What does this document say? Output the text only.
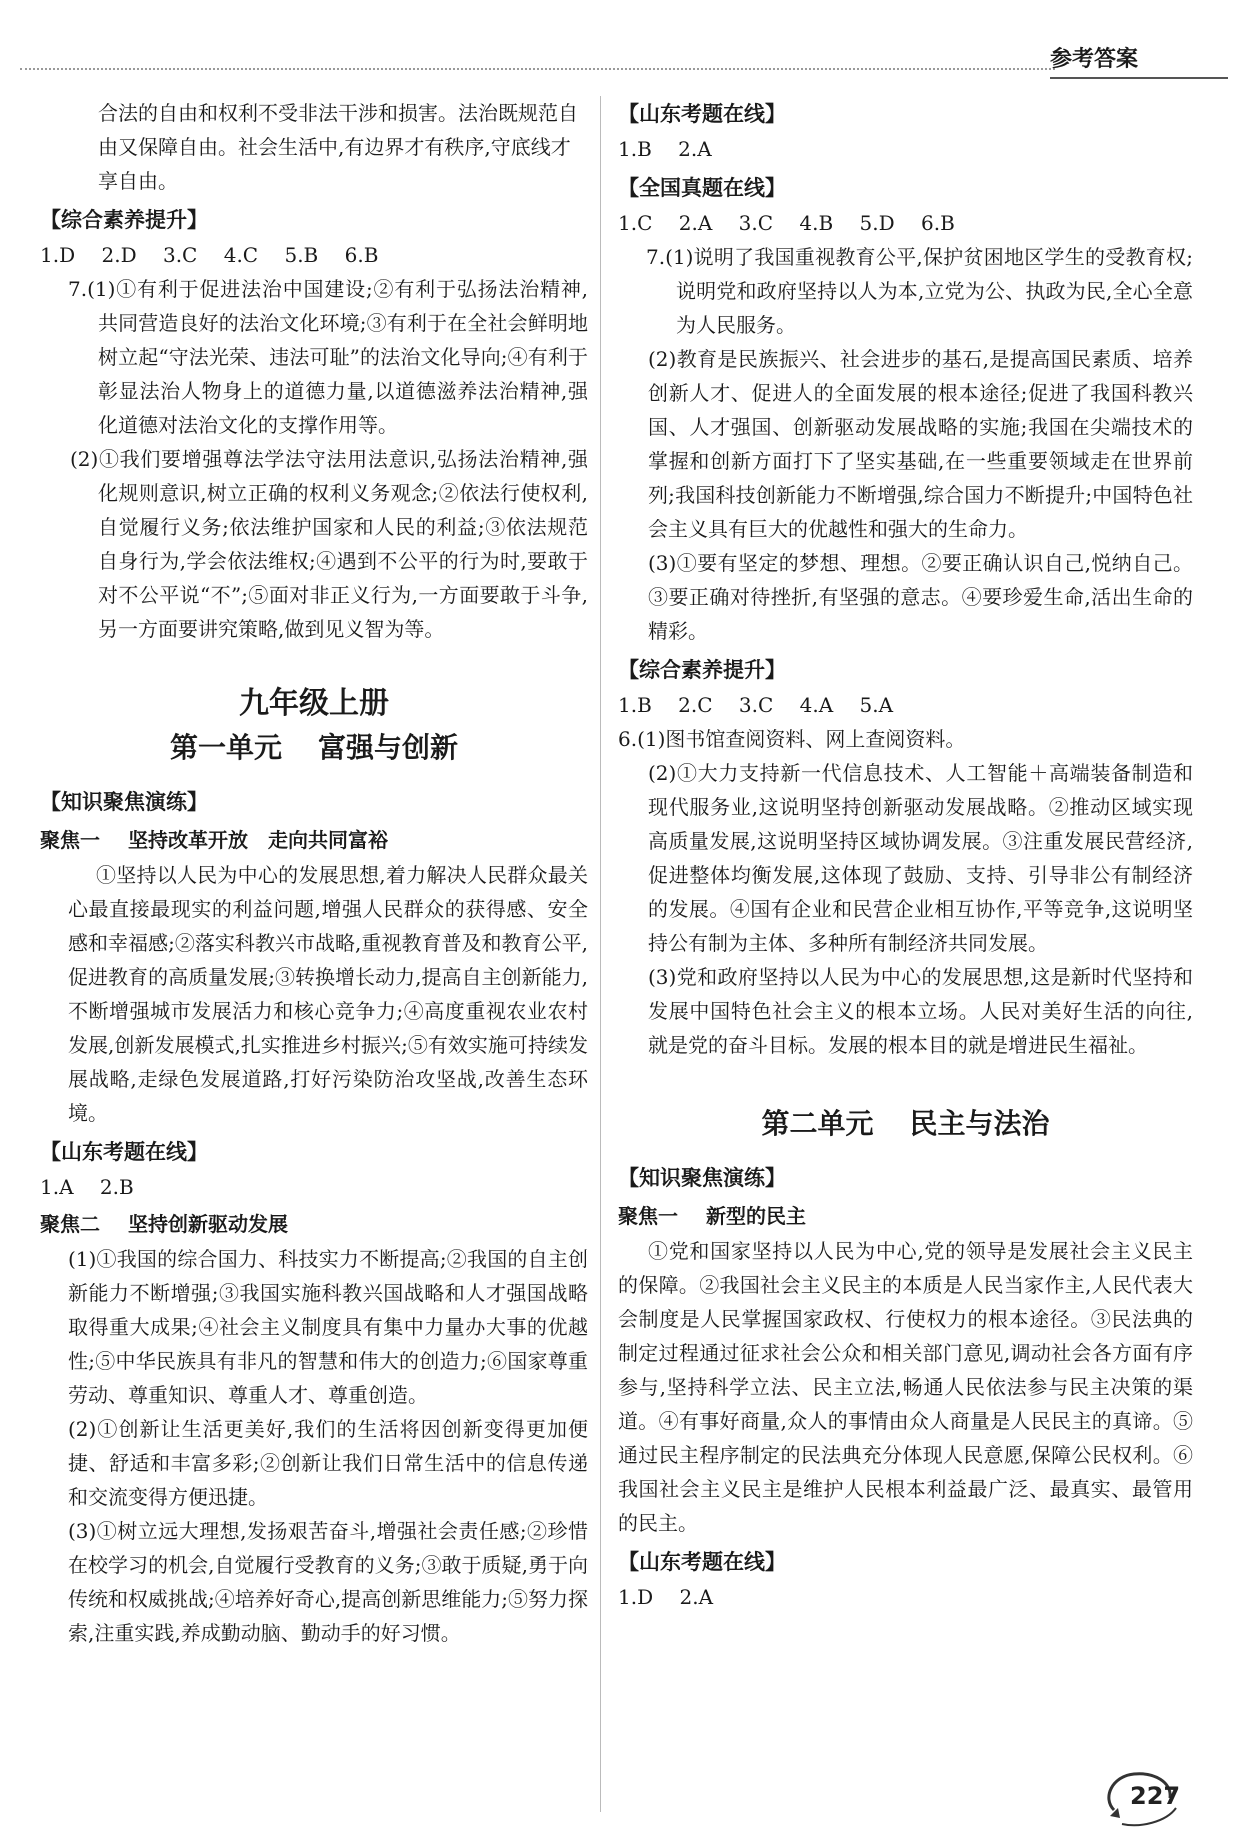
参考答案

合法的自由和权利不受非法干涉和损害。法治既规范自

由又保障自由。社会生活中,有边界才有秩序,守底线才

享自由。

【综合素养提升】

1.D 2.D 3.C 4.C 5.B 6.B

7.(1)①有利于促进法治中国建设;②有利于弘扬法治精神,共同营造良好的法治文化环境;③有利于在全社会鲜明地树立起“守法光荣、违法可耻”的法治文化导向;④有利于彰显法治人物身上的道德力量,以道德滋养法治精神,强化道德对法治文化的支撑作用等。

(2)①我们要增强尊法学法守法用法意识,弘扬法治精神,强化规则意识,树立正确的权利义务观念;②依法行使权利,自觉履行义务;依法维护国家和人民的利益;③依法规范自身行为,学会依法维权;④遇到不公平的行为时,要敢于对不公平说“不”;⑤面对非正义行为,一方面要敢于斗争,另一方面要讲究策略,做到见义智为等。

九年级上册

第一单元 富强与创新

【知识聚焦演练】

聚焦一 坚持改革开放　走向共同富裕

①坚持以人民为中心的发展思想,着力解决人民群众最关心最直接最现实的利益问题,增强人民群众的获得感、安全感和幸福感;②落实科教兴市战略,重视教育普及和教育公平,促进教育的高质量发展;③转换增长动力,提高自主创新能力,不断增强城市发展活力和核心竞争力;④高度重视农业农村发展,创新发展模式,扎实推进乡村振兴;⑤有效实施可持续发展战略,走绿色发展道路,打好污染防治攻坚战,改善生态环境。

【山东考题在线】

1.A 2.B

聚焦二 坚持创新驱动发展

(1)①我国的综合国力、科技实力不断提高;②我国的自主创新能力不断增强;③我国实施科教兴国战略和人才强国战略取得重大成果;④社会主义制度具有集中力量办大事的优越性;⑤中华民族具有非凡的智慧和伟大的创造力;⑥国家尊重劳动、尊重知识、尊重人才、尊重创造。

(2)①创新让生活更美好,我们的生活将因创新变得更加便捷、舒适和丰富多彩;②创新让我们日常生活中的信息传递和交流变得方便迅捷。

(3)①树立远大理想,发扬艰苦奋斗,增强社会责任感;②珍惜在校学习的机会,自觉履行受教育的义务;③敢于质疑,勇于向传统和权威挑战;④培养好奇心,提高创新思维能力;⑤努力探索,注重实践,养成勤动脑、勤动手的好习惯。

【山东考题在线】

1.B 2.A

【全国真题在线】

1.C 2.A 3.C 4.B 5.D 6.B

7.(1)说明了我国重视教育公平,保护贫困地区学生的受教育权;说明党和政府坚持以人为本,立党为公、执政为民,全心全意为人民服务。

(2)教育是民族振兴、社会进步的基石,是提高国民素质、培养创新人才、促进人的全面发展的根本途径;促进了我国科教兴国、人才强国、创新驱动发展战略的实施;我国在尖端技术的掌握和创新方面打下了坚实基础,在一些重要领域走在世界前列;我国科技创新能力不断增强,综合国力不断提升;中国特色社会主义具有巨大的优越性和强大的生命力。

(3)①要有坚定的梦想、理想。②要正确认识自己,悦纳自己。③要正确对待挫折,有坚强的意志。④要珍爱生命,活出生命的精彩。

【综合素养提升】

1.B 2.C 3.C 4.A 5.A

6.(1)图书馆查阅资料、网上查阅资料。

(2)①大力支持新一代信息技术、人工智能＋高端装备制造和现代服务业,这说明坚持创新驱动发展战略。②推动区域实现高质量发展,这说明坚持区域协调发展。③注重发展民营经济,促进整体均衡发展,这体现了鼓励、支持、引导非公有制经济的发展。④国有企业和民营企业相互协作,平等竞争,这说明坚持公有制为主体、多种所有制经济共同发展。

(3)党和政府坚持以人民为中心的发展思想,这是新时代坚持和发展中国特色社会主义的根本立场。人民对美好生活的向往,就是党的奋斗目标。发展的根本目的就是增进民生福祉。

第二单元 民主与法治

【知识聚焦演练】

聚焦一 新型的民主

①党和国家坚持以人民为中心,党的领导是发展社会主义民主的保障。②我国社会主义民主的本质是人民当家作主,人民代表大会制度是人民掌握国家政权、行使权力的根本途径。③民法典的制定过程通过征求社会公众和相关部门意见,调动社会各方面有序参与,坚持科学立法、民主立法,畅通人民依法参与民主决策的渠道。④有事好商量,众人的事情由众人商量是人民民主的真谛。⑤通过民主程序制定的民法典充分体现人民意愿,保障公民权利。⑥我国社会主义民主是维护人民根本利益最广泛、最真实、最管用的民主。

【山东考题在线】

1.D 2.A

227
